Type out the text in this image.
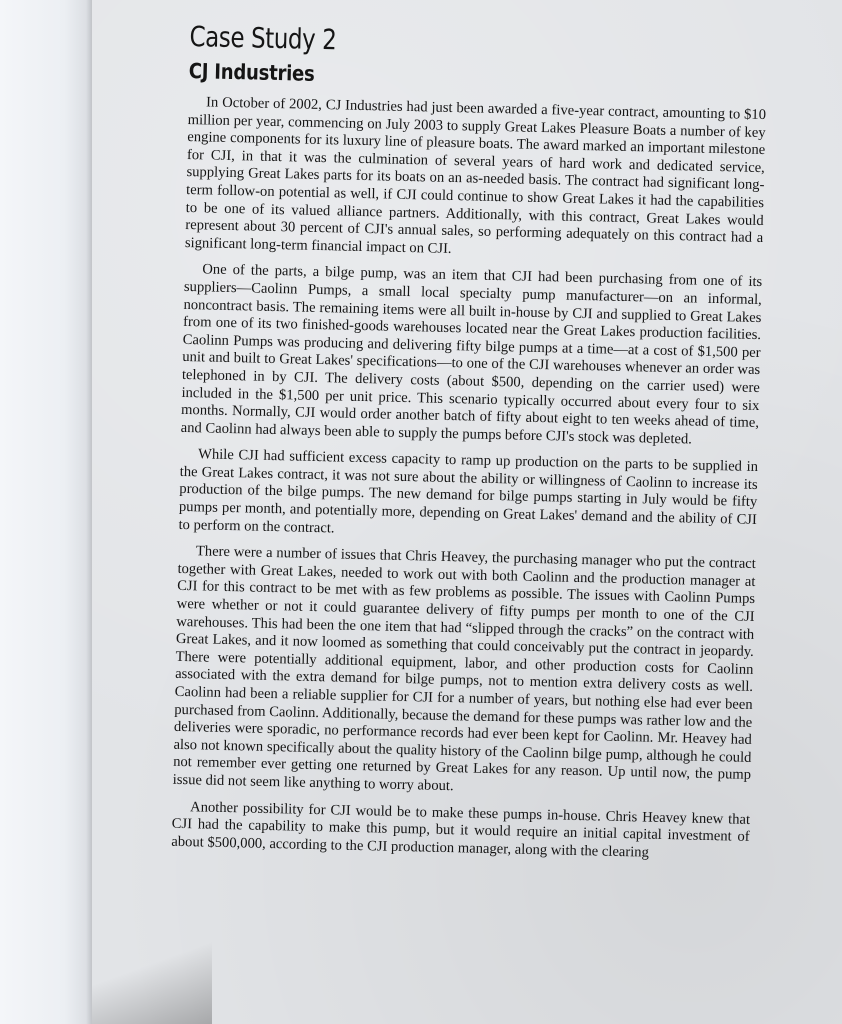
Case Study 2
CJ Industries

In October of 2002, CJ Industries had just been awarded a five-year contract, amounting to $10 million per year, commencing on July 2003 to supply Great Lakes Pleasure Boats a number of key engine components for its luxury line of pleasure boats. The award marked an important milestone for CJI, in that it was the culmination of several years of hard work and dedicated service, supplying Great Lakes parts for its boats on an as-needed basis. The contract had significant long-term follow-on potential as well, if CJI could continue to show Great Lakes it had the capabilities to be one of its valued alliance partners. Additionally, with this contract, Great Lakes would represent about 30 percent of CJI's annual sales, so performing adequately on this contract had a significant long-term financial impact on CJI.

One of the parts, a bilge pump, was an item that CJI had been purchasing from one of its suppliers—Caolinn Pumps, a small local specialty pump manufacturer—on an informal, noncontract basis. The remaining items were all built in-house by CJI and supplied to Great Lakes from one of its two finished-goods warehouses located near the Great Lakes production facilities. Caolinn Pumps was producing and delivering fifty bilge pumps at a time—at a cost of $1,500 per unit and built to Great Lakes' specifications—to one of the CJI warehouses whenever an order was telephoned in by CJI. The delivery costs (about $500, depending on the carrier used) were included in the $1,500 per unit price. This scenario typically occurred about every four to six months. Normally, CJI would order another batch of fifty about eight to ten weeks ahead of time, and Caolinn had always been able to supply the pumps before CJI's stock was depleted.

While CJI had sufficient excess capacity to ramp up production on the parts to be supplied in the Great Lakes contract, it was not sure about the ability or willingness of Caolinn to increase its production of the bilge pumps. The new demand for bilge pumps starting in July would be fifty pumps per month, and potentially more, depending on Great Lakes' demand and the ability of CJI to perform on the contract.

There were a number of issues that Chris Heavey, the purchasing manager who put the contract together with Great Lakes, needed to work out with both Caolinn and the production manager at CJI for this contract to be met with as few problems as possible. The issues with Caolinn Pumps were whether or not it could guarantee delivery of fifty pumps per month to one of the CJI warehouses. This had been the one item that had “slipped through the cracks” on the contract with Great Lakes, and it now loomed as something that could conceivably put the contract in jeopardy. There were potentially additional equipment, labor, and other production costs for Caolinn associated with the extra demand for bilge pumps, not to mention extra delivery costs as well. Caolinn had been a reliable supplier for CJI for a number of years, but nothing else had ever been purchased from Caolinn. Additionally, because the demand for these pumps was rather low and the deliveries were sporadic, no performance records had ever been kept for Caolinn. Mr. Heavey had also not known specifically about the quality history of the Caolinn bilge pump, although he could not remember ever getting one returned by Great Lakes for any reason. Up until now, the pump issue did not seem like anything to worry about.

Another possibility for CJI would be to make these pumps in-house. Chris Heavey knew that CJI had the capability to make this pump, but it would require an initial capital investment of about $500,000, according to the CJI production manager, along with the clearing
